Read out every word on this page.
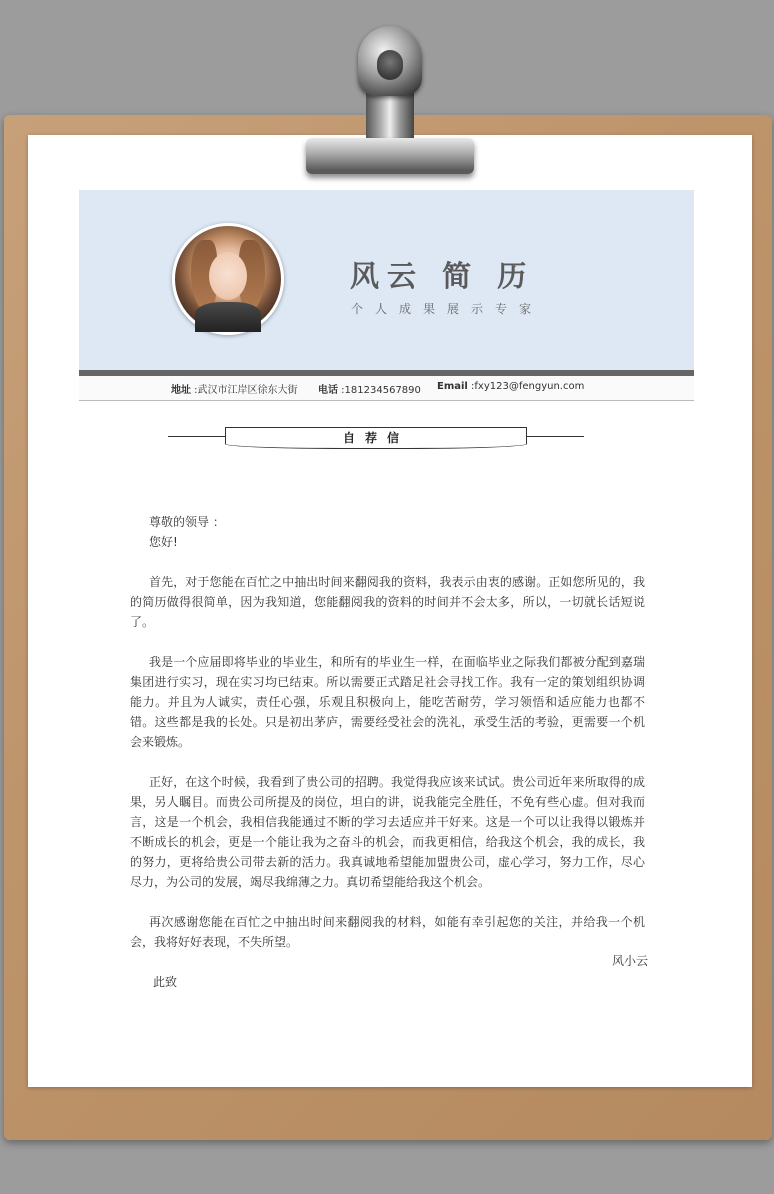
风云 简 历
个人成果展示专家
地址 :武汉市江岸区徐东大街 电话 :181234567890 Email :fxy123@fengyun.com
自荐信

尊敬的领导 ：

您好!

首先，对于您能在百忙之中抽出时间来翻阅我的资料，我表示由衷的感谢。正如您所见的，我的简历做得很简单，因为我知道，您能翻阅我的资料的时间并不会太多，所以，一切就长话短说了。

我是一个应届即将毕业的毕业生，和所有的毕业生一样，在面临毕业之际我们都被分配到嘉瑞集团进行实习，现在实习均已结束。所以需要正式踏足社会寻找工作。我有一定的策划组织协调能力。并且为人诚实，责任心强，乐观且积极向上，能吃苦耐劳，学习领悟和适应能力也都不错。这些都是我的长处。只是初出茅庐，需要经受社会的洗礼，承受生活的考验，更需要一个机会来锻炼。

正好，在这个时候，我看到了贵公司的招聘。我觉得我应该来试试。贵公司近年来所取得的成果，另人瞩目。而贵公司所提及的岗位，坦白的讲，说我能完全胜任，不免有些心虚。但对我而言，这是一个机会，我相信我能通过不断的学习去适应并干好来。这是一个可以让我得以锻炼并不断成长的机会，更是一个能让我为之奋斗的机会，而我更相信，给我这个机会，我的成长，我的努力，更将给贵公司带去新的活力。我真诚地希望能加盟贵公司，虚心学习，努力工作，尽心尽力，为公司的发展，竭尽我绵薄之力。真切希望能给我这个机会。

再次感谢您能在百忙之中抽出时间来翻阅我的材料，如能有幸引起您的关注，并给我一个机会，我将好好表现，不失所望。

此致

风小云
